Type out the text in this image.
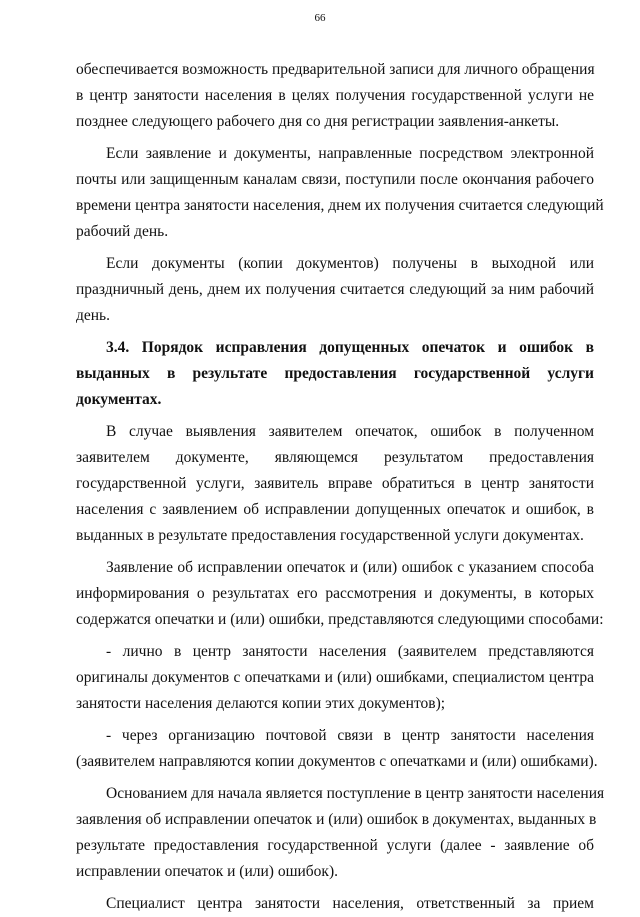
66
обеспечивается возможность предварительной записи для личного обращения
в центр занятости населения в целях получения государственной услуги не
позднее следующего рабочего дня со дня регистрации заявления-анкеты.
Если заявление и документы, направленные посредством электронной
почты или защищенным каналам связи, поступили после окончания рабочего
времени центра занятости населения, днем их получения считается следующий
рабочий день.
Если документы (копии документов) получены в выходной или
праздничный день, днем их получения считается следующий за ним рабочий
день.
3.4. Порядок исправления допущенных опечаток и ошибок в
выданных в результате предоставления государственной услуги
документах.
В случае выявления заявителем опечаток, ошибок в полученном
заявителем документе, являющемся результатом предоставления
государственной услуги, заявитель вправе обратиться в центр занятости
населения с заявлением об исправлении допущенных опечаток и ошибок, в
выданных в результате предоставления государственной услуги документах.
Заявление об исправлении опечаток и (или) ошибок с указанием способа
информирования о результатах его рассмотрения и документы, в которых
содержатся опечатки и (или) ошибки, представляются следующими способами:
- лично в центр занятости населения (заявителем представляются
оригиналы документов с опечатками и (или) ошибками, специалистом центра
занятости населения делаются копии этих документов);
- через организацию почтовой связи в центр занятости населения
(заявителем направляются копии документов с опечатками и (или) ошибками).
Основанием для начала является поступление в центр занятости населения
заявления об исправлении опечаток и (или) ошибок в документах, выданных в
результате предоставления государственной услуги (далее - заявление об
исправлении опечаток и (или) ошибок).
Специалист центра занятости населения, ответственный за прием
